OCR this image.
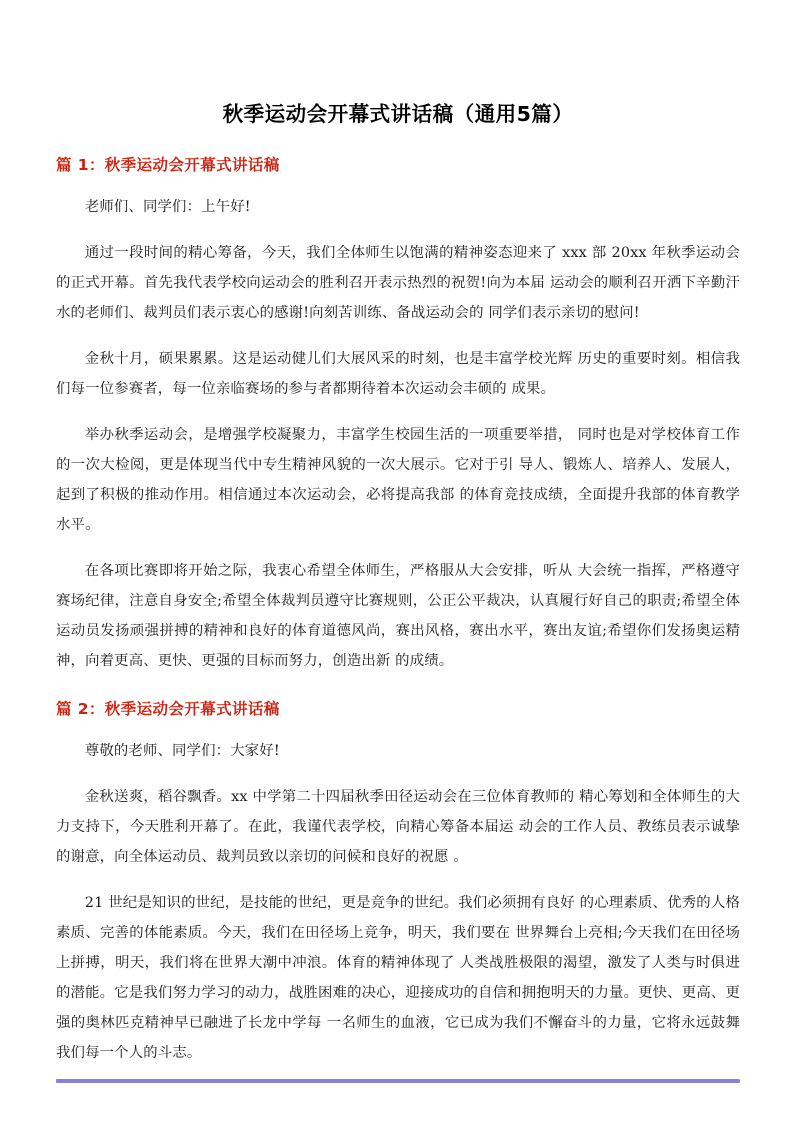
秋季运动会开幕式讲话稿（通用5篇）
篇 1：秋季运动会开幕式讲话稿

老师们、同学们：上午好!

通过一段时间的精心筹备，今天，我们全体师生以饱满的精神姿态迎来了 xxx 部 20xx 年秋季运动会的正式开幕。首先我代表学校向运动会的胜利召开表示热烈的祝贺!向为本届 运动会的顺利召开洒下辛勤汗水的老师们、裁判员们表示衷心的感谢!向刻苦训练、备战运动会的 同学们表示亲切的慰问!

金秋十月，硕果累累。这是运动健儿们大展风采的时刻，也是丰富学校光辉 历史的重要时刻。相信我们每一位参赛者，每一位亲临赛场的参与者都期待着本次运动会丰硕的 成果。

举办秋季运动会，是增强学校凝聚力，丰富学生校园生活的一项重要举措， 同时也是对学校体育工作的一次大检阅，更是体现当代中专生精神风貌的一次大展示。它对于引 导人、锻炼人、培养人、发展人，起到了积极的推动作用。相信通过本次运动会，必将提高我部 的体育竞技成绩，全面提升我部的体育教学水平。

在各项比赛即将开始之际，我衷心希望全体师生，严格服从大会安排，听从 大会统一指挥，严格遵守赛场纪律，注意自身安全;希望全体裁判员遵守比赛规则，公正公平裁决，认真履行好自己的职责;希望全体运动员发扬顽强拼搏的精神和良好的体育道德风尚，赛出风格，赛出水平，赛出友谊;希望你们发扬奥运精神，向着更高、更快、更强的目标而努力，创造出新 的成绩。

篇 2：秋季运动会开幕式讲话稿

尊敬的老师、同学们：大家好!

金秋送爽，稻谷飘香。xx 中学第二十四届秋季田径运动会在三位体育教师的 精心筹划和全体师生的大力支持下，今天胜利开幕了。在此，我谨代表学校，向精心筹备本届运 动会的工作人员、教练员表示诚挚的谢意，向全体运动员、裁判员致以亲切的问候和良好的祝愿 。

21 世纪是知识的世纪，是技能的世纪，更是竞争的世纪。我们必须拥有良好 的心理素质、优秀的人格素质、完善的体能素质。今天，我们在田径场上竞争，明天，我们要在 世界舞台上亮相;今天我们在田径场上拼搏，明天，我们将在世界大潮中冲浪。体育的精神体现了 人类战胜极限的渴望，激发了人类与时俱进的潜能。它是我们努力学习的动力，战胜困难的决心，迎接成功的自信和拥抱明天的力量。更快、更高、更强的奥林匹克精神早已融进了长龙中学每 一名师生的血液，它已成为我们不懈奋斗的力量，它将永远鼓舞我们每一个人的斗志。
